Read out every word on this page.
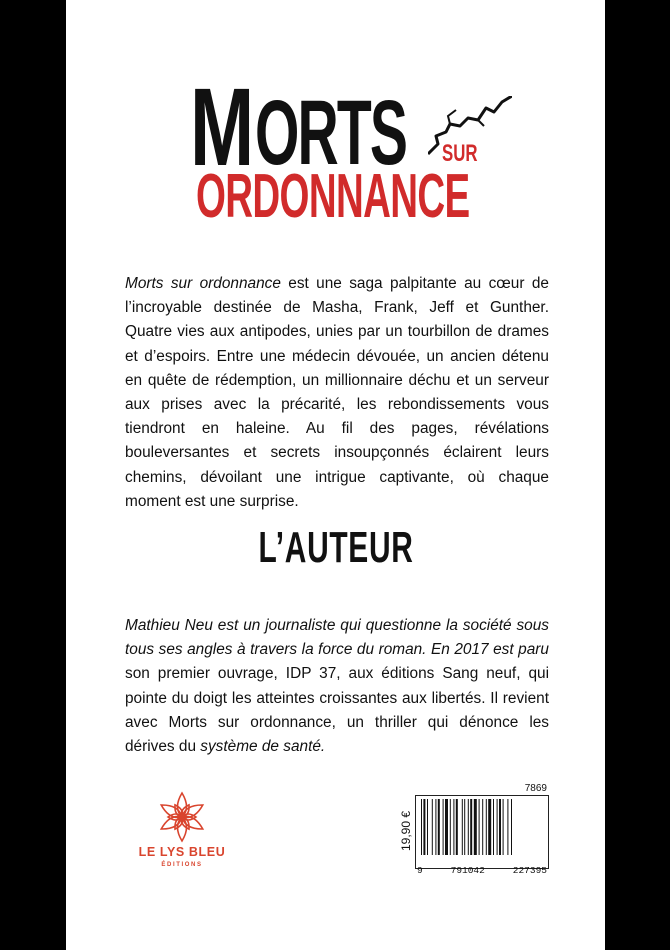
M ORTS SUR
ORDONNANCE

Morts sur ordonnance est une saga palpitante au cœur de l’incroyable destinée de Masha, Frank, Jeff et Gunther. Quatre vies aux antipodes, unies par un tourbillon de drames et d’espoirs. Entre une médecin dévouée, un ancien détenu en quête de rédemption, un millionnaire déchu et un serveur aux prises avec la précarité, les rebondissements vous tiendront en haleine. Au fil des pages, révélations bouleversantes et secrets insoupçonnés éclairent leurs chemins, dévoilant une intrigue captivante, où chaque moment est une surprise.

L’AUTEUR

Mathieu Neu est un journaliste qui questionne la société sous tous ses angles à travers la force du roman. En 2017 est paru son premier ouvrage, IDP 37, aux éditions Sang neuf, qui pointe du doigt les atteintes croissantes aux libertés. Il revient avec Morts sur ordonnance, un thriller qui dénonce les dérives du système de santé.

LE LYS BLEU
ÉDITIONS
7869
19,90 €
9	791042	227395
